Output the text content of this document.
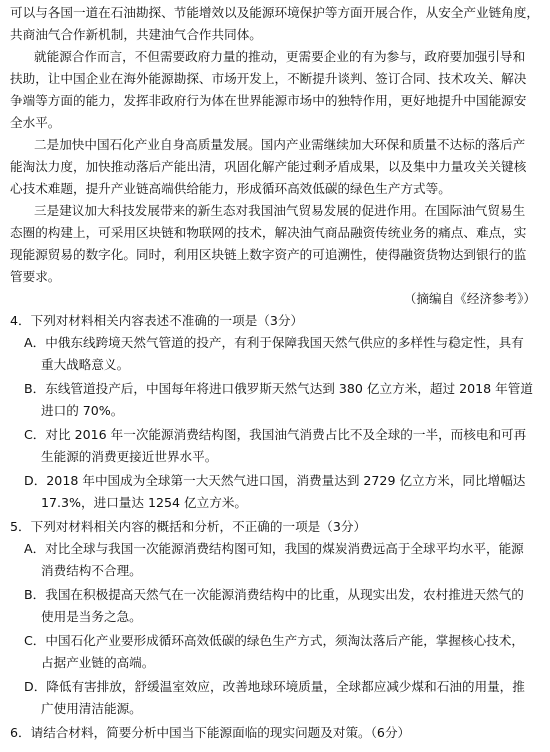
可以与各国一道在石油勘探、节能增效以及能源环境保护等方面开展合作，从安全产业链角度，
共商油气合作新机制，共建油气合作共同体。
就能源合作而言，不但需要政府力量的推动，更需要企业的有为参与，政府要加强引导和
扶助，让中国企业在海外能源勘探、市场开发上，不断提升谈判、签订合同、技术攻关、解决
争端等方面的能力，发挥非政府行为体在世界能源市场中的独特作用，更好地提升中国能源安
全水平。
二是加快中国石化产业自身高质量发展。国内产业需继续加大环保和质量不达标的落后产
能淘汰力度，加快推动落后产能出清，巩固化解产能过剩矛盾成果，以及集中力量攻关关键核
心技术难题，提升产业链高端供给能力，形成循环高效低碳的绿色生产方式等。
三是建议加大科技发展带来的新生态对我国油气贸易发展的促进作用。在国际油气贸易生
态圈的构建上，可采用区块链和物联网的技术，解决油气商品融资传统业务的痛点、难点，实
现能源贸易的数字化。同时，利用区块链上数字资产的可追溯性，使得融资货物达到银行的监
管要求。
（摘编自《经济参考》）
4．下列对材料相关内容表述不准确的一项是（3分）
A．中俄东线跨境天然气管道的投产，有利于保障我国天然气供应的多样性与稳定性，具有
重大战略意义。
B．东线管道投产后，中国每年将进口俄罗斯天然气达到 380 亿立方米，超过 2018 年管道
进口的 70%。
C．对比 2016 年一次能源消费结构图，我国油气消费占比不及全球的一半，而核电和可再
生能源的消费更接近世界水平。
D．2018 年中国成为全球第一大天然气进口国，消费量达到 2729 亿立方米，同比增幅达
17.3%，进口量达 1254 亿立方米。
5．下列对材料相关内容的概括和分析，不正确的一项是（3分）
A．对比全球与我国一次能源消费结构图可知，我国的煤炭消费远高于全球平均水平，能源
消费结构不合理。
B．我国在积极提高天然气在一次能源消费结构中的比重，从现实出发，农村推进天然气的
使用是当务之急。
C．中国石化产业要形成循环高效低碳的绿色生产方式，须淘汰落后产能，掌握核心技术，
占据产业链的高端。
D．降低有害排放，舒缓温室效应，改善地球环境质量，全球都应减少煤和石油的用量，推
广使用清洁能源。
6．请结合材料，简要分析中国当下能源面临的现实问题及对策。（6分）
